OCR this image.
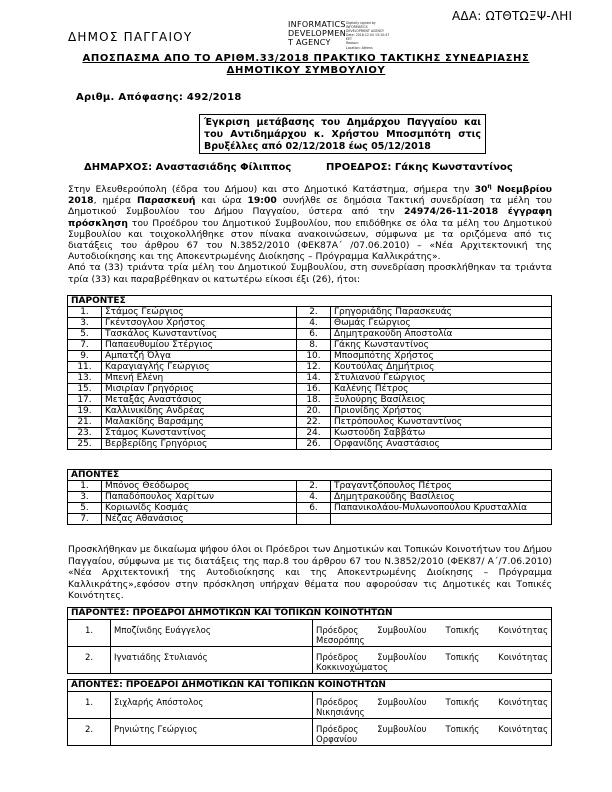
ΑΔΑ: ΩΤΘΤΩΞΨ-ΛΗΙ
ΔΗΜΟΣ ΠΑΓΓΑΙΟΥ
INFORMATICS
DEVELOPMEN
T AGENCY
Digitally signed by
INFORMATICS
DEVELOPMENT AGENCY
Date: 2018.12.04 13:10:47
EET
Reason:
Location: Athens
ΑΠΟΣΠΑΣΜΑ ΑΠΟ ΤΟ ΑΡΙΘΜ.33/2018 ΠΡΑΚΤΙΚΟ ΤΑΚΤΙΚΗΣ ΣΥΝΕΔΡΙΑΣΗΣ
ΔΗΜΟΤΙΚΟΥ ΣΥΜΒΟΥΛΙΟΥ
Αριθμ. Απόφασης: 492/2018
Έγκριση μετάβασης του Δημάρχου Παγγαίου και του Αντιδημάρχου κ. Χρήστου Μποσμπότη στις Βρυξέλλες από 02/12/2018 έως 05/12/2018
ΔΗΜΑΡΧΟΣ: Αναστασιάδης Φίλιππος	ΠΡΟΕΔΡΟΣ: Γάκης Κωνσταντίνος
Στην Ελευθερούπολη (έδρα του Δήμου) και στο Δημοτικό Κατάστημα, σήμερα την $30^\eta$ Νοεμβρίου 2018, ημέρα Παρασκευή και ώρα 19:00 συνήλθε σε δημόσια Τακτική συνεδρίαση τα μέλη του Δημοτικού Συμβουλίου του Δήμου Παγγαίου, ύστερα από την 24974/26-11-2018 έγγραφη πρόσκληση του Προέδρου του Δημοτικού Συμβουλίου, που επιδόθηκε σε όλα τα μέλη του Δημοτικού Συμβουλίου και τοιχοκολλήθηκε στον πίνακα ανακοινώσεων, σύμφωνα με τα οριζόμενα από τις διατάξεις του άρθρου 67 του Ν.3852/2010 (ΦΕΚ87Α΄ /07.06.2010) – «Νέα Αρχιτεκτονική της Αυτοδιοίκησης και της Αποκεντρωμένης Διοίκησης – Πρόγραμμα Καλλικράτης».
Από τα (33) τριάντα τρία μέλη του Δημοτικού Συμβουλίου, στη συνεδρίαση προσκλήθηκαν τα τριάντα τρία (33) και παραβρέθηκαν οι κατωτέρω είκοσι έξι (26), ήτοι:
ΠΑΡΟΝΤΕΣ			
1.	Στάμος Γεώργιος	2.	Γρηγοριάδης Παρασκευάς
3.	Γκέντσογλου Χρήστος	4.	Θωμάς Γεώργιος
5.	Τασκάλος Κωνσταντίνος	6.	Δημητρακούδη Αποστολία
7.	Παπαευθυμίου Στέργιος	8.	Γάκης Κωνσταντίνος
9.	Αμπατζή Όλγα	10.	Μποσμπότης Χρήστος
11.	Καραγιαγλής Γεώργιος	12.	Κουτούλας Δημήτριος
13.	Μπενή Ελένη	14.	Στυλιανού Γεώργιος
15.	Μισιρίαν Γρηγόριος	16.	Καλένης Πέτρος
17.	Μεταξάς Αναστάσιος	18.	Ξυλούρης Βασίλειος
19.	Καλλινικίδης Ανδρέας	20.	Πριονίδης Χρήστος
21.	Μαλακίδης Βαρσάμης	22.	Πετρόπουλος Κωνσταντίνος
23.	Στάμος Κωνσταντίνος	24.	Κωστούδη Σαββάτω
25.	Βερβερίδης Γρηγόριος	26.	Ορφανίδης Αναστάσιος
ΑΠΟΝΤΕΣ			
1.	Μπόνος Θεόδωρος	2.	Τραγαντζόπουλος Πέτρος
3.	Παπαδόπουλος Χαρίτων	4.	Δημητρακούδης Βασίλειος
5.	Κοριωνίδς Κοσμάς	6.	Παπανικολάου-Μυλωνοπούλου Κρυσταλλία
7.	Νέζας Αθανάσιος		
Προσκλήθηκαν με δικαίωμα ψήφου όλοι οι Πρόεδροι των Δημοτικών και Τοπικών Κοινοτήτων του Δήμου Παγγαίου, σύμφωνα με τις διατάξεις της παρ.8 του άρθρου 67 του Ν.3852/2010 (ΦΕΚ87/ Α΄/7.06.2010) «Νέα Αρχιτεκτονική της Αυτοδιοίκησης και της Αποκεντρωμένης Διοίκησης – Πρόγραμμα Καλλικράτης»,εφόσον στην πρόσκληση υπήρχαν θέματα που αφορούσαν τις Δημοτικές και Τοπικές Κοινότητες.
ΠΑΡΟΝΤΕΣ: ΠΡΟΕΔΡΟΙ ΔΗΜΟΤΙΚΩΝ ΚΑΙ ΤΟΠΙΚΩΝ ΚΟΙΝΟΤΗΤΩΝ		
1.	Μποζίνιδης Ευάγγελος	Πρόεδρος Συμβουλίου Τοπικής Κοινότητας
Μεσορόπης

2.	Ιγνατιάδης Στυλιανός	Πρόεδρος Συμβουλίου Τοπικής Κοινότητας
Κοκκινοχώματος
ΑΠΟΝΤΕΣ: ΠΡΟΕΔΡΟΙ ΔΗΜΟΤΙΚΩΝ ΚΑΙ ΤΟΠΙΚΩΝ ΚΟΙΝΟΤΗΤΩΝ		
1.	Σιχλαρής Απόστολος	Πρόεδρος Συμβουλίου Τοπικής Κοινότητας
Νικησιάνης

2.	Ρηνιώτης Γεώργιος	Πρόεδρος Συμβουλίου Τοπικής Κοινότητας
Ορφανίου
